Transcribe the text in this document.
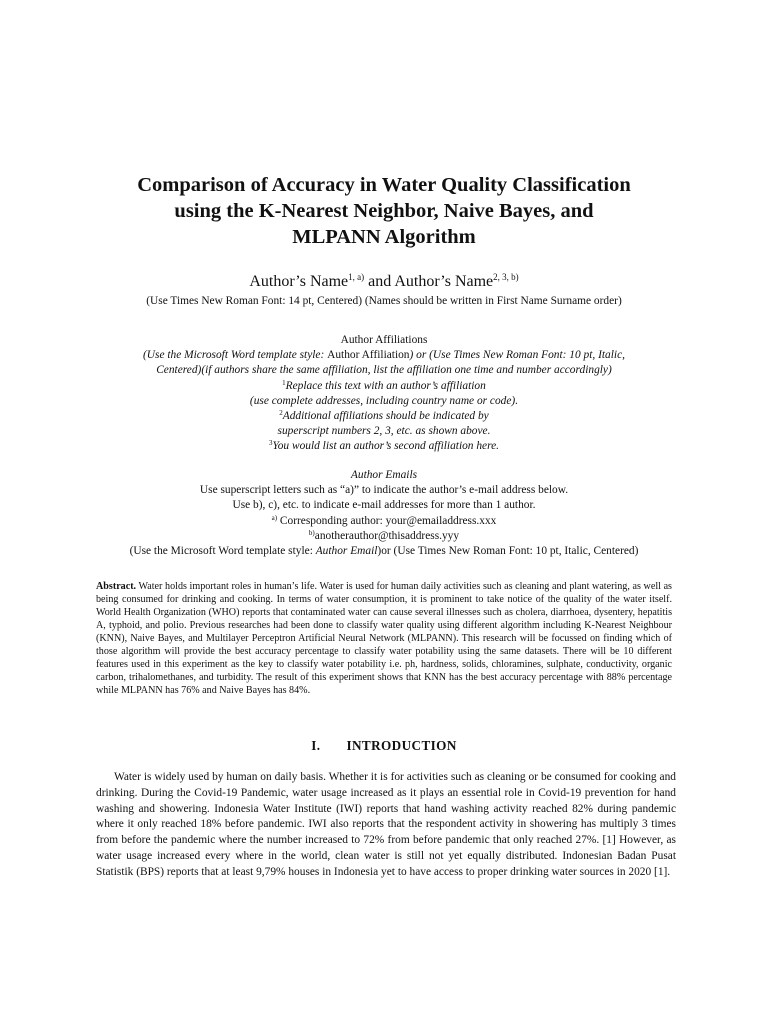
Comparison of Accuracy in Water Quality Classification
using the K-Nearest Neighbor, Naive Bayes, and
MLPANN Algorithm
Author’s Name$^{1, a)}$ and Author’s Name$^{2, 3, b)}$
(Use Times New Roman Font: 14 pt, Centered) (Names should be written in First Name Surname order)
Author Affiliations
(Use the Microsoft Word template style: Author Affiliation) or (Use Times New Roman Font: 10 pt, Italic,
Centered)(if authors share the same affiliation, list the affiliation one time and number accordingly)
$^1$Replace this text with an author’s affiliation
(use complete addresses, including country name or code).
$^2$Additional affiliations should be indicated by
superscript numbers 2, 3, etc. as shown above.
$^3$You would list an author’s second affiliation here.
Author Emails
Use superscript letters such as “a)” to indicate the author’s e-mail address below.
Use b), c), etc. to indicate e-mail addresses for more than 1 author.
$^{a)}$ Corresponding author: your@emailaddress.xxx
$^{b)}$anotherauthor@thisaddress.yyy
(Use the Microsoft Word template style: Author Email)or (Use Times New Roman Font: 10 pt, Italic, Centered)
Abstract. Water holds important roles in human’s life. Water is used for human daily activities such as cleaning and plant watering, as well as being consumed for drinking and cooking. In terms of water consumption, it is prominent to take notice of the quality of the water itself. World Health Organization (WHO) reports that contaminated water can cause several illnesses such as cholera, diarrhoea, dysentery, hepatitis A, typhoid, and polio. Previous researches had been done to classify water quality using different algorithm including K-Nearest Neighbour (KNN), Naive Bayes, and Multilayer Perceptron Artificial Neural Network (MLPANN). This research will be focussed on finding which of those algorithm will provide the best accuracy percentage to classify water potability using the same datasets. There will be 10 different features used in this experiment as the key to classify water potability i.e. ph, hardness, solids, chloramines, sulphate, conductivity, organic carbon, trihalomethanes, and turbidity. The result of this experiment shows that KNN has the best accuracy percentage with 88% percentage while MLPANN has 76% and Naive Bayes has 84%.
I. INTRODUCTION
Water is widely used by human on daily basis. Whether it is for activities such as cleaning or be consumed for cooking and drinking. During the Covid-19 Pandemic, water usage increased as it plays an essential role in Covid-19 prevention for hand washing and showering. Indonesia Water Institute (IWI) reports that hand washing activity reached 82% during pandemic where it only reached 18% before pandemic. IWI also reports that the respondent activity in showering has multiply 3 times from before the pandemic where the number increased to 72% from before pandemic that only reached 27%. [1] However, as water usage increased every where in the world, clean water is still not yet equally distributed. Indonesian Badan Pusat Statistik (BPS) reports that at least 9,79% houses in Indonesia yet to have access to proper drinking water sources in 2020 [1].
